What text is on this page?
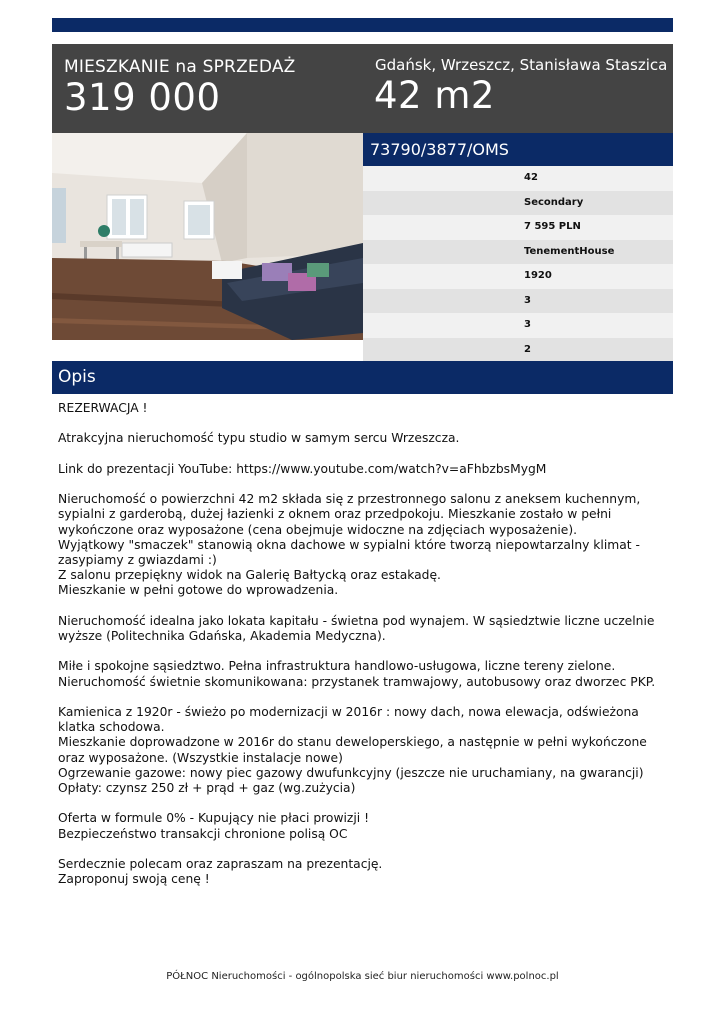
MIESZKANIE na SPRZEDAŻ
319 000
Gdańsk, Wrzeszcz, Stanisława Staszica
42 m2
73790/3877/OMS
42
Secondary
7 595 PLN
TenementHouse
1920
3
3
2
Opis

REZERWACJA !

Atrakcyjna nieruchomość typu studio w samym sercu Wrzeszcza.

Link do prezentacji YouTube: https://www.youtube.com/watch?v=aFhbzbsMygM

Nieruchomość o powierzchni 42 m2 składa się z przestronnego salonu z aneksem kuchennym, sypialni z garderobą, dużej łazienki z oknem oraz przedpokoju. Mieszkanie zostało w pełni wykończone oraz wyposażone (cena obejmuje widoczne na zdjęciach wyposażenie).
Wyjątkowy "smaczek" stanowią okna dachowe w sypialni które tworzą niepowtarzalny klimat - zasypiamy z gwiazdami :)
Z salonu przepiękny widok na Galerię Bałtycką oraz estakadę.
Mieszkanie w pełni gotowe do wprowadzenia.

Nieruchomość idealna jako lokata kapitału - świetna pod wynajem. W sąsiedztwie liczne uczelnie wyższe (Politechnika Gdańska, Akademia Medyczna).

Miłe i spokojne sąsiedztwo. Pełna infrastruktura handlowo-usługowa, liczne tereny zielone.
Nieruchomość świetnie skomunikowana: przystanek tramwajowy, autobusowy oraz dworzec PKP.

Kamienica z 1920r - świeżo po modernizacji w 2016r : nowy dach, nowa elewacja, odświeżona klatka schodowa.
Mieszkanie doprowadzone w 2016r do stanu deweloperskiego, a następnie w pełni wykończone oraz wyposażone. (Wszystkie instalacje nowe)
Ogrzewanie gazowe: nowy piec gazowy dwufunkcyjny (jeszcze nie uruchamiany, na gwarancji)
Opłaty: czynsz 250 zł + prąd + gaz (wg.zużycia)

Oferta w formule 0% - Kupujący nie płaci prowizji !
Bezpieczeństwo transakcji chronione polisą OC

Serdecznie polecam oraz zapraszam na prezentację.
Zaproponuj swoją cenę !

PÓŁNOC Nieruchomości - ogólnopolska sieć biur nieruchomości www.polnoc.pl
